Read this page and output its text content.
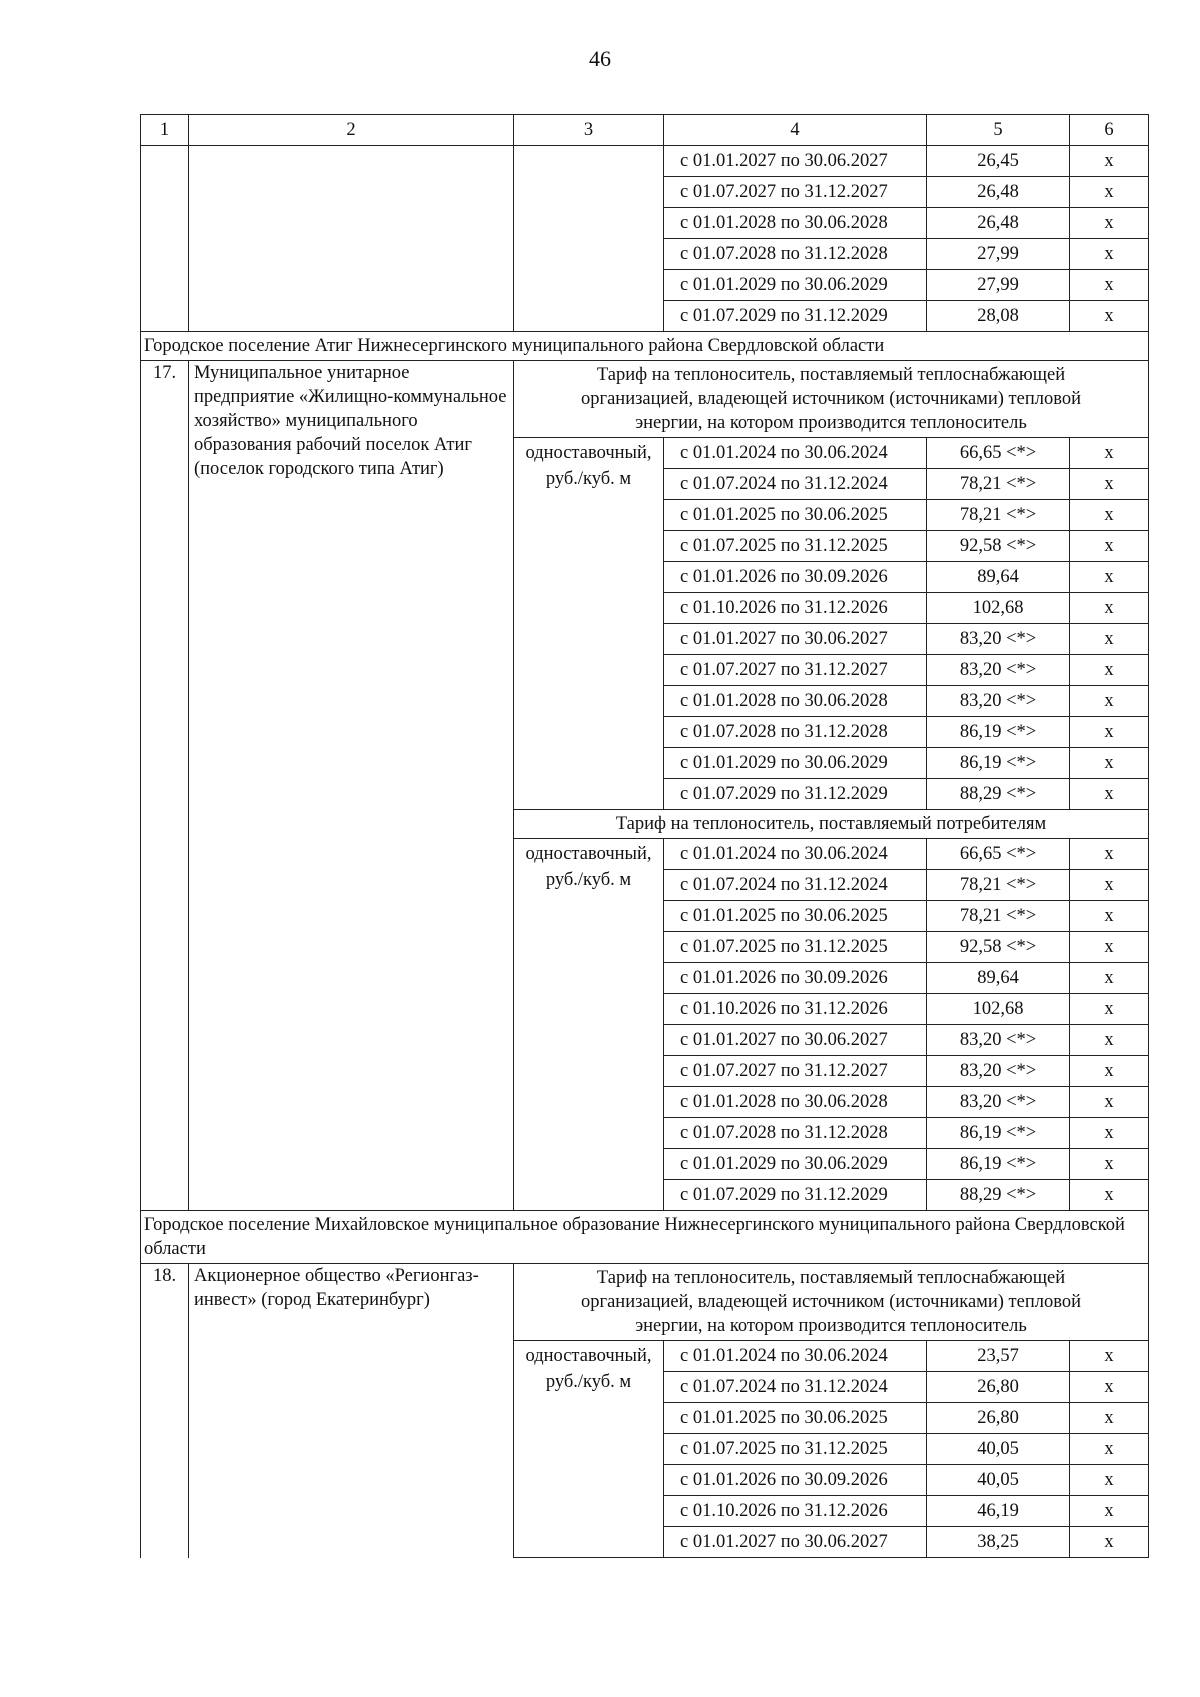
46
1	2	3	4	5	6
			с 01.01.2027 по 30.06.2027	26,45	х
			с 01.07.2027 по 31.12.2027	26,48	х
			с 01.01.2028 по 30.06.2028	26,48	х
			с 01.07.2028 по 31.12.2028	27,99	х
			с 01.01.2029 по 30.06.2029	27,99	х
			с 01.07.2029 по 31.12.2029	28,08	х
Городское поселение Атиг Нижнесергинского муниципального района Свердловской области					
17.	Муниципальное унитарное предприятие «Жилищно-коммунальное хозяйство» муниципального образования рабочий поселок Атиг (поселок городского типа Атиг)	Тариф на теплоноситель, поставляемый теплоснабжающей организацией, владеющей источником (источниками) тепловой энергии, на котором производится теплоноситель			
		одноставочный, руб./куб. м	с 01.01.2024 по 30.06.2024	66,65 <*>	х
			с 01.07.2024 по 31.12.2024	78,21 <*>	х
			с 01.01.2025 по 30.06.2025	78,21 <*>	х
			с 01.07.2025 по 31.12.2025	92,58 <*>	х
			с 01.01.2026 по 30.09.2026	89,64	х
			с 01.10.2026 по 31.12.2026	102,68	х
			с 01.01.2027 по 30.06.2027	83,20 <*>	х
			с 01.07.2027 по 31.12.2027	83,20 <*>	х
			с 01.01.2028 по 30.06.2028	83,20 <*>	х
			с 01.07.2028 по 31.12.2028	86,19 <*>	х
			с 01.01.2029 по 30.06.2029	86,19 <*>	х
			с 01.07.2029 по 31.12.2029	88,29 <*>	х
		Тариф на теплоноситель, поставляемый потребителям			
		одноставочный, руб./куб. м	с 01.01.2024 по 30.06.2024	66,65 <*>	х
			с 01.07.2024 по 31.12.2024	78,21 <*>	х
			с 01.01.2025 по 30.06.2025	78,21 <*>	х
			с 01.07.2025 по 31.12.2025	92,58 <*>	х
			с 01.01.2026 по 30.09.2026	89,64	х
			с 01.10.2026 по 31.12.2026	102,68	х
			с 01.01.2027 по 30.06.2027	83,20 <*>	х
			с 01.07.2027 по 31.12.2027	83,20 <*>	х
			с 01.01.2028 по 30.06.2028	83,20 <*>	х
			с 01.07.2028 по 31.12.2028	86,19 <*>	х
			с 01.01.2029 по 30.06.2029	86,19 <*>	х
			с 01.07.2029 по 31.12.2029	88,29 <*>	х
Городское поселение Михайловское муниципальное образование Нижнесергинского муниципального района Свердловской области					
18.	Акционерное общество «Регионгаз-инвест» (город Екатеринбург)	Тариф на теплоноситель, поставляемый теплоснабжающей организацией, владеющей источником (источниками) тепловой энергии, на котором производится теплоноситель			
		одноставочный, руб./куб. м	с 01.01.2024 по 30.06.2024	23,57	х
			с 01.07.2024 по 31.12.2024	26,80	х
			с 01.01.2025 по 30.06.2025	26,80	х
			с 01.07.2025 по 31.12.2025	40,05	х
			с 01.01.2026 по 30.09.2026	40,05	х
			с 01.10.2026 по 31.12.2026	46,19	х
			с 01.01.2027 по 30.06.2027	38,25	х
